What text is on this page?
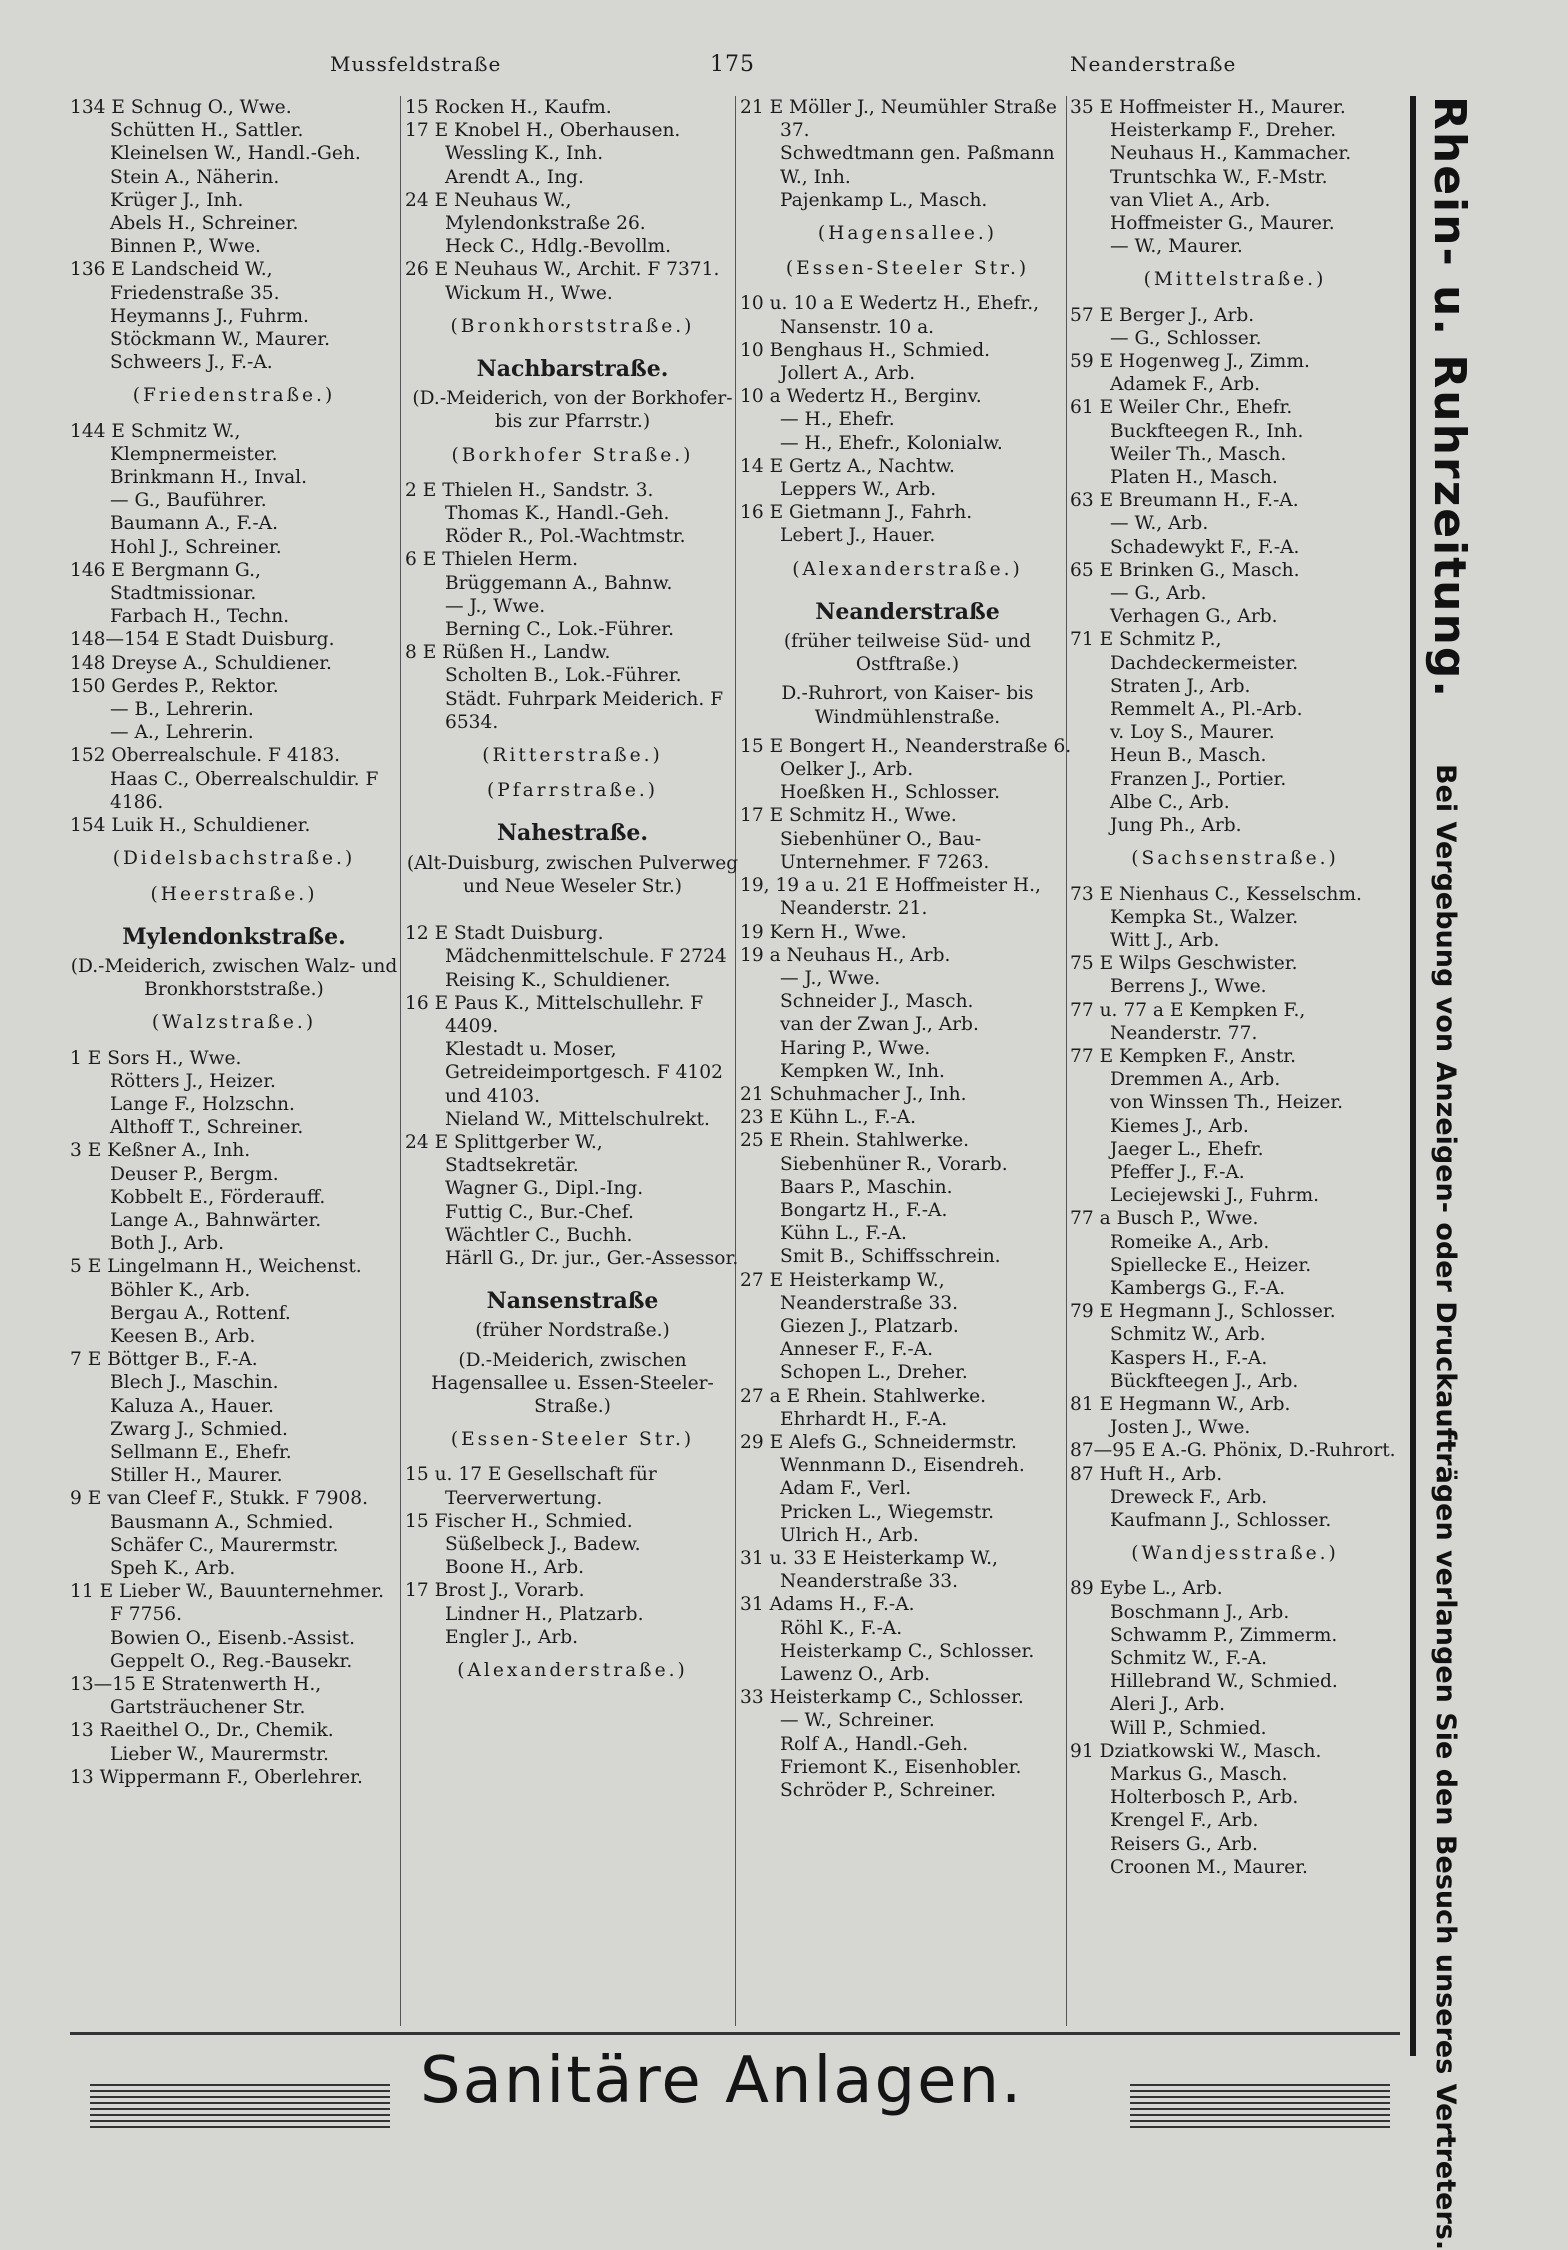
Mussfeldstraße	175	Neanderstraße
134 E Schnug O., Wwe.
Schütten H., Sattler.
Kleinelsen W., Handl.-Geh.
Stein A., Näherin.
Krüger J., Inh.
Abels H., Schreiner.
Binnen P., Wwe.
136 E Landscheid W., Friedenstraße 35.
Heymanns J., Fuhrm.
Stöckmann W., Maurer.
Schweers J., F.-A.
(Friedenstraße.)
144 E Schmitz W., Klempnermeister.
Brinkmann H., Inval.
— G., Bauführer.
Baumann A., F.-A.
Hohl J., Schreiner.
146 E Bergmann G., Stadtmissionar.
Farbach H., Techn.
148—154 E Stadt Duisburg.
148 Dreyse A., Schuldiener.
150 Gerdes P., Rektor.
— B., Lehrerin.
— A., Lehrerin.
152 Oberrealschule. F 4183.
Haas C., Oberrealschuldir. F 4186.
154 Luik H., Schuldiener.
(Didelsbachstraße.)
(Heerstraße.)
Mylendonkstraße.
(D.-Meiderich, zwischen Walz- und Bronkhorststraße.)
(Walzstraße.)
1 E Sors H., Wwe.
Rötters J., Heizer.
Lange F., Holzschn.
Althoff T., Schreiner.
3 E Keßner A., Inh.
Deuser P., Bergm.
Kobbelt E., Förderauff.
Lange A., Bahnwärter.
Both J., Arb.
5 E Lingelmann H., Weichenst.
Böhler K., Arb.
Bergau A., Rottenf.
Keesen B., Arb.
7 E Böttger B., F.-A.
Blech J., Maschin.
Kaluza A., Hauer.
Zwarg J., Schmied.
Sellmann E., Ehefr.
Stiller H., Maurer.
9 E van Cleef F., Stukk. F 7908.
Bausmann A., Schmied.
Schäfer C., Maurermstr.
Speh K., Arb.
11 E Lieber W., Bauunternehmer. F 7756.
Bowien O., Eisenb.-Assist.
Geppelt O., Reg.-Bausekr.
13—15 E Stratenwerth H., Gartsträuchener Str.
13 Raeithel O., Dr., Chemik.
Lieber W., Maurermstr.
13 Wippermann F., Oberlehrer.
15 Rocken H., Kaufm.
17 E Knobel H., Oberhausen.
Wessling K., Inh.
Arendt A., Ing.
24 E Neuhaus W., Mylendonkstraße 26.
Heck C., Hdlg.-Bevollm.
26 E Neuhaus W., Archit. F 7371.
Wickum H., Wwe.
(Bronkhorststraße.)
Nachbarstraße.
(D.-Meiderich, von der Borkhofer- bis zur Pfarrstr.)
(Borkhofer Straße.)
2 E Thielen H., Sandstr. 3.
Thomas K., Handl.-Geh.
Röder R., Pol.-Wachtmstr.
6 E Thielen Herm.
Brüggemann A., Bahnw.
— J., Wwe.
Berning C., Lok.-Führer.
8 E Rüßen H., Landw.
Scholten B., Lok.-Führer.
Städt. Fuhrpark Meiderich. F 6534.
(Ritterstraße.)
(Pfarrstraße.)
Nahestraße.
(Alt-Duisburg, zwischen Pulverweg und Neue Weseler Str.)
12 E Stadt Duisburg. Mädchenmittelschule. F 2724
Reising K., Schuldiener.
16 E Paus K., Mittelschullehr. F 4409.
Klestadt u. Moser, Getreideimportgesch. F 4102 und 4103.
Nieland W., Mittelschulrekt.
24 E Splittgerber W., Stadtsekretär.
Wagner G., Dipl.-Ing.
Futtig C., Bur.-Chef.
Wächtler C., Buchh.
Härll G., Dr. jur., Ger.-Assessor.
Nansenstraße
(früher Nordstraße.)
(D.-Meiderich, zwischen Hagensallee u. Essen-Steeler-Straße.)
(Essen-Steeler Str.)
15 u. 17 E Gesellschaft für Teerverwertung.
15 Fischer H., Schmied.
Süßelbeck J., Badew.
Boone H., Arb.
17 Brost J., Vorarb.
Lindner H., Platzarb.
Engler J., Arb.
(Alexanderstraße.)
21 E Möller J., Neumühler Straße 37.
Schwedtmann gen. Paßmann W., Inh.
Pajenkamp L., Masch.
(Hagensallee.)
(Essen-Steeler Str.)
10 u. 10 a E Wedertz H., Ehefr., Nansenstr. 10 a.
10 Benghaus H., Schmied.
Jollert A., Arb.
10 a Wedertz H., Berginv.
— H., Ehefr.
— H., Ehefr., Kolonialw.
14 E Gertz A., Nachtw.
Leppers W., Arb.
16 E Gietmann J., Fahrh.
Lebert J., Hauer.
(Alexanderstraße.)
Neanderstraße
(früher teilweise Süd- und Ostftraße.)
D.-Ruhrort, von Kaiser- bis Windmühlenstraße.
15 E Bongert H., Neanderstraße 6.
Oelker J., Arb.
Hoeßken H., Schlosser.
17 E Schmitz H., Wwe.
Siebenhüner O., Bau-Unternehmer. F 7263.
19, 19 a u. 21 E Hoffmeister H., Neanderstr. 21.
19 Kern H., Wwe.
19 a Neuhaus H., Arb.
— J., Wwe.
Schneider J., Masch.
van der Zwan J., Arb.
Haring P., Wwe.
Kempken W., Inh.
21 Schuhmacher J., Inh.
23 E Kühn L., F.-A.
25 E Rhein. Stahlwerke.
Siebenhüner R., Vorarb.
Baars P., Maschin.
Bongartz H., F.-A.
Kühn L., F.-A.
Smit B., Schiffsschrein.
27 E Heisterkamp W., Neanderstraße 33.
Giezen J., Platzarb.
Anneser F., F.-A.
Schopen L., Dreher.
27 a E Rhein. Stahlwerke.
Ehrhardt H., F.-A.
29 E Alefs G., Schneidermstr.
Wennmann D., Eisendreh.
Adam F., Verl.
Pricken L., Wiegemstr.
Ulrich H., Arb.
31 u. 33 E Heisterkamp W., Neanderstraße 33.
31 Adams H., F.-A.
Röhl K., F.-A.
Heisterkamp C., Schlosser.
Lawenz O., Arb.
33 Heisterkamp C., Schlosser.
— W., Schreiner.
Rolf A., Handl.-Geh.
Friemont K., Eisenhobler.
Schröder P., Schreiner.
35 E Hoffmeister H., Maurer.
Heisterkamp F., Dreher.
Neuhaus H., Kammacher.
Truntschka W., F.-Mstr.
van Vliet A., Arb.
Hoffmeister G., Maurer.
— W., Maurer.
(Mittelstraße.)
57 E Berger J., Arb.
— G., Schlosser.
59 E Hogenweg J., Zimm.
Adamek F., Arb.
61 E Weiler Chr., Ehefr.
Buckfteegen R., Inh.
Weiler Th., Masch.
Platen H., Masch.
63 E Breumann H., F.-A.
— W., Arb.
Schadewykt F., F.-A.
65 E Brinken G., Masch.
— G., Arb.
Verhagen G., Arb.
71 E Schmitz P., Dachdeckermeister.
Straten J., Arb.
Remmelt A., Pl.-Arb.
v. Loy S., Maurer.
Heun B., Masch.
Franzen J., Portier.
Albe C., Arb.
Jung Ph., Arb.
(Sachsenstraße.)
73 E Nienhaus C., Kesselschm.
Kempka St., Walzer.
Witt J., Arb.
75 E Wilps Geschwister.
Berrens J., Wwe.
77 u. 77 a E Kempken F., Neanderstr. 77.
77 E Kempken F., Anstr.
Dremmen A., Arb.
von Winssen Th., Heizer.
Kiemes J., Arb.
Jaeger L., Ehefr.
Pfeffer J., F.-A.
Leciejewski J., Fuhrm.
77 a Busch P., Wwe.
Romeike A., Arb.
Spiellecke E., Heizer.
Kambergs G., F.-A.
79 E Hegmann J., Schlosser.
Schmitz W., Arb.
Kaspers H., F.-A.
Bückfteegen J., Arb.
81 E Hegmann W., Arb.
Josten J., Wwe.
87—95 E A.-G. Phönix, D.-Ruhrort.
87 Huft H., Arb.
Dreweck F., Arb.
Kaufmann J., Schlosser.
(Wandjesstraße.)
89 Eybe L., Arb.
Boschmann J., Arb.
Schwamm P., Zimmerm.
Schmitz W., F.-A.
Hillebrand W., Schmied.
Aleri J., Arb.
Will P., Schmied.
91 Dziatkowski W., Masch.
Markus G., Masch.
Holterbosch P., Arb.
Krengel F., Arb.
Reisers G., Arb.
Croonen M., Maurer.
Rhein- u. Ruhrzeitung.
Bei Vergebung von Anzeigen- oder Druckaufträgen verlangen Sie den Besuch unseres Vertreters.
Sanitäre Anlagen.
